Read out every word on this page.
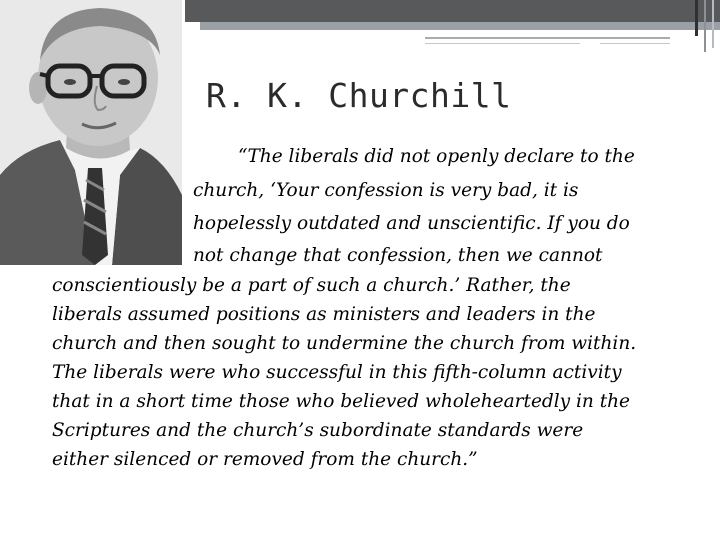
R. K. Churchill
“The liberals did not openly declare to the
church, ‘Your confession is very bad, it is
hopelessly outdated and unscientific. If you do
not change that confession, then we cannot
conscientiously be a part of such a church.’ Rather, the
liberals assumed positions as ministers and leaders in the
church and then sought to undermine the church from within.
The liberals were who successful in this fifth-column activity
that in a short time those who believed wholeheartedly in the
Scriptures and the church’s subordinate standards were
either silenced or removed from the church.”
